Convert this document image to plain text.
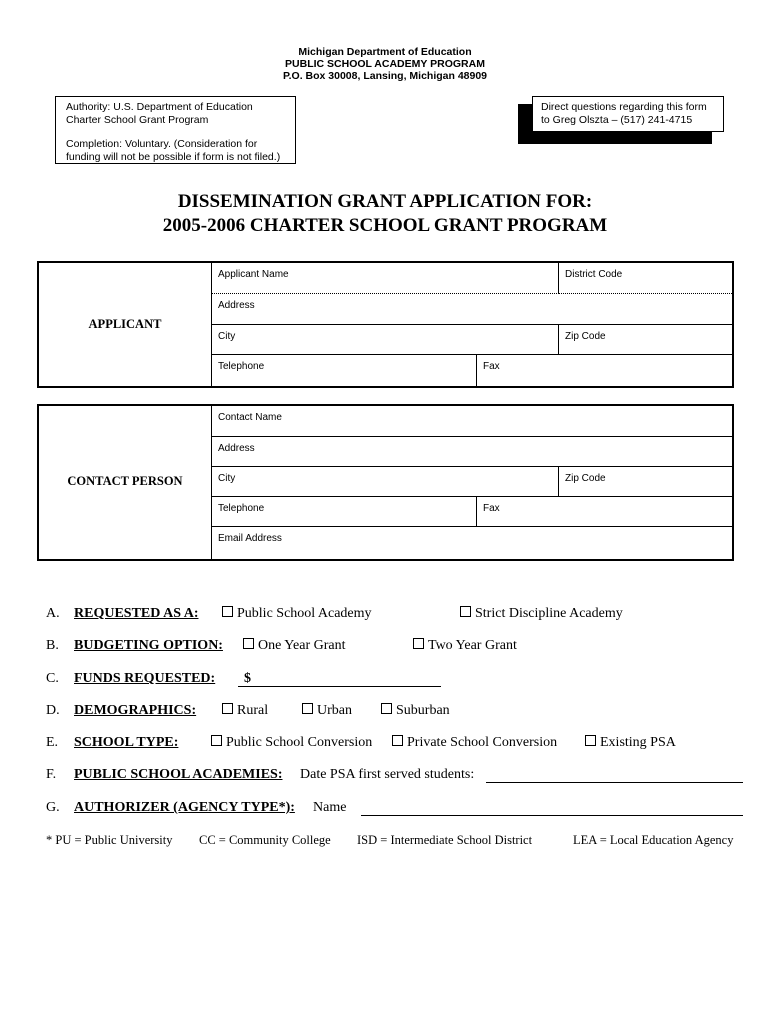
Michigan Department of Education
PUBLIC SCHOOL ACADEMY PROGRAM
P.O. Box 30008, Lansing, Michigan 48909
Authority: U.S. Department of Education Charter School Grant Program
Completion: Voluntary. (Consideration for funding will not be possible if form is not filed.)
Direct questions regarding this form to Greg Olszta – (517) 241-4715
DISSEMINATION GRANT APPLICATION FOR:
2005-2006 CHARTER SCHOOL GRANT PROGRAM
APPLICANT
Applicant Name	District Code
Address
City	Zip Code
Telephone	Fax
CONTACT PERSON
Contact Name
Address
City	Zip Code
Telephone	Fax
Email Address
A. REQUESTED AS A:	Public School Academy	Strict Discipline Academy
B. BUDGETING OPTION:	One Year Grant	Two Year Grant
C. FUNDS REQUESTED: $
D. DEMOGRAPHICS:	Rural	Urban	Suburban
E. SCHOOL TYPE:	Public School Conversion	Private School Conversion	Existing PSA
F. PUBLIC SCHOOL ACADEMIES: Date PSA first served students:
G. AUTHORIZER (AGENCY TYPE*): Name
* PU = Public University CC = Community College ISD = Intermediate School District	LEA = Local Education Agency
